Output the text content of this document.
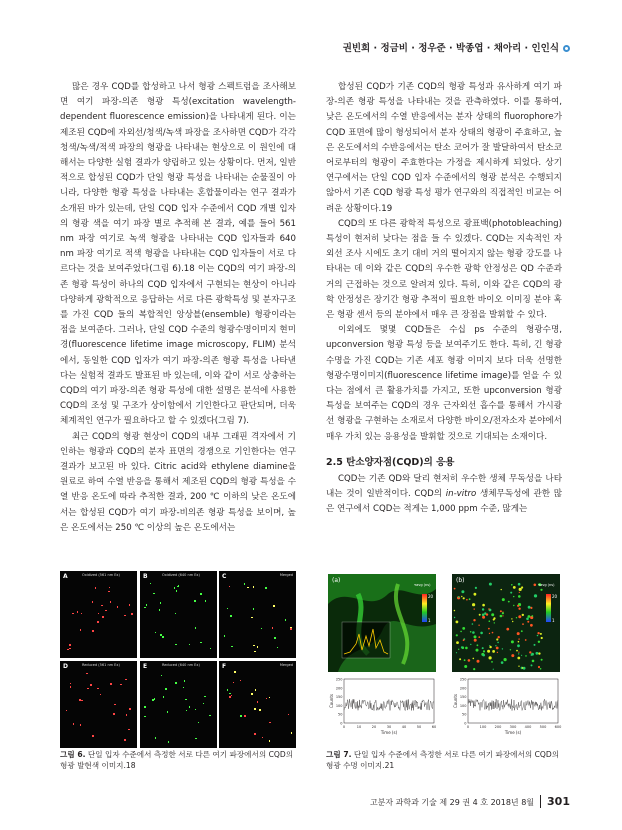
권빈희 · 정금비 · 정우준 · 박종엽 · 채아리 · 인인식

많은 경우 CQD를 합성하고 나서 형광 스펙트럼을 조사해보면 여기 파장-의존 형광 특성(excitation wavelength-dependent fluorescence emission)을 나타내게 된다. 이는 제조된 CQD에 자외선/청색/녹색 파장을 조사하면 CQD가 각각 청색/녹색/적색 파장의 형광을 나타내는 현상으로 이 원인에 대해서는 다양한 실험 결과가 양립하고 있는 상황이다. 먼저, 일반적으로 합성된 CQD가 단일 형광 특성을 나타내는 순물질이 아니라, 다양한 형광 특성을 나타내는 혼합물이라는 연구 결과가 소개된 바가 있는데, 단일 CQD 입자 수준에서 CQD 개별 입자의 형광 색을 여기 파장 별로 추적해 본 결과, 예를 들어 561 nm 파장 여기로 녹색 형광을 나타내는 CQD 입자들과 640 nm 파장 여기로 적색 형광을 나타내는 CQD 입자들이 서로 다르다는 것을 보여주었다(그림 6).18 이는 CQD의 여기 파장-의존 형광 특성이 하나의 CQD 입자에서 구현되는 현상이 아니라 다양하게 광학적으로 응답하는 서로 다른 광학특성 및 분자구조를 가진 CQD 들의 복합적인 앙상블(ensemble) 형광이라는 점을 보여준다. 그러나, 단일 CQD 수준의 형광수명이미지 현미경(fluorescence lifetime image microscopy, FLIM) 분석에서, 동일한 CQD 입자가 여기 파장-의존 형광 특성을 나타낸다는 실험적 결과도 발표된 바 있는데, 이와 같이 서로 상충하는 CQD의 여기 파장-의존 형광 특성에 대한 설명은 분석에 사용한 CQD의 조성 및 구조가 상이함에서 기인한다고 판단되며, 더욱 체계적인 연구가 필요하다고 할 수 있겠다(그림 7).

최근 CQD의 형광 현상이 CQD의 내부 그래핀 격자에서 기인하는 형광과 CQD의 분자 표면의 경쟁으로 기인한다는 연구결과가 보고된 바 있다. Citric acid와 ethylene diamine을 원료로 하여 수열 반응을 통해서 제조된 CQD의 형광 특성을 수열 반응 온도에 따라 추적한 결과, 200 ℃ 이하의 낮은 온도에서는 합성된 CQD가 여기 파장-비의존 형광 특성을 보이며, 높은 온도에서는 250 ℃ 이상의 높은 온도에서는

합성된 CQD가 기존 CQD의 형광 특성과 유사하게 여기 파장-의존 형광 특성을 나타내는 것을 관측하였다. 이를 통하여, 낮은 온도에서의 수열 반응에서는 분자 상태의 fluorophore가 CQD 표면에 많이 형성되어서 분자 상태의 형광이 주효하고, 높은 온도에서의 수반응에서는 탄소 코어가 잘 발달하여서 탄소코어로부터의 형광이 주효한다는 가정을 제시하게 되었다. 상기 연구에서는 단일 CQD 입자 수준에서의 형광 분석은 수행되지 않아서 기존 CQD 형광 특성 평가 연구와의 직접적인 비교는 어려운 상황이다.19

CQD의 또 다른 광학적 특성으로 광표백(photobleaching) 특성이 현저히 낮다는 점을 들 수 있겠다. CQD는 지속적인 자외선 조사 시에도 초기 대비 거의 떨어지지 않는 형광 강도를 나타내는 데 이와 같은 CQD의 우수한 광학 안정성은 QD 수준과 거의 근접하는 것으로 알려져 있다. 특히, 이와 같은 CQD의 광학 안정성은 장기간 형광 추적이 필요한 바이오 이미징 분야 혹은 형광 센서 등의 분야에서 매우 큰 장점을 발휘할 수 있다.

이외에도 몇몇 CQD들은 수십 ps 수준의 형광수명, upconversion 형광 특성 등을 보여주기도 한다. 특히, 긴 형광수명을 가진 CQD는 기존 세포 형광 이미지 보다 더욱 선명한 형광수명이미지(fluorescence lifetime image)를 얻을 수 있다는 점에서 큰 활용가치를 가지고, 또한 upconversion 형광 특성을 보여주는 CQD의 경우 근자외선 흡수를 통해서 가시광선 형광을 구현하는 소재로서 다양한 바이오/전자소자 분야에서 매우 가치 있는 응용성을 발휘할 것으로 기대되는 소재이다.

2.5 탄소양자점(CQD)의 응용

CQD는 기존 QD와 달리 현저히 우수한 생체 무독성을 나타내는 것이 일반적이다. CQD의 in-vitro 생체무독성에 관한 많은 연구에서 CQD는 적게는 1,000 ppm 수준, 많게는

A	Oxidized (561 nm Ex)	B	Oxidized (640 nm Ex)	C	Merged
D	Reduced (561 nm Ex)	E	Reduced (640 nm Ex)	F	Merged
그림 6. 단일 입자 수준에서 측정한 서로 다른 여기 파장에서의 CQD의 형광 발현색 이미지.18
(a)
τavg (ns)
20
1
(b)
τavg (ns)
20
1
0
50
100
150
200
250
0	10	20	30	40	50	60
Counts
Time (s)
0
50
100
150
200
250
0	100 200 300 400 500 600
Counts
Time (s)
그림 7. 단일 입자 수준에서 측정한 서로 다른 여기 파장에서의 CQD의 형광 수명 이미지.21
고분자 과학과 기술 제 29 권 4 호 2018년 8월 301
